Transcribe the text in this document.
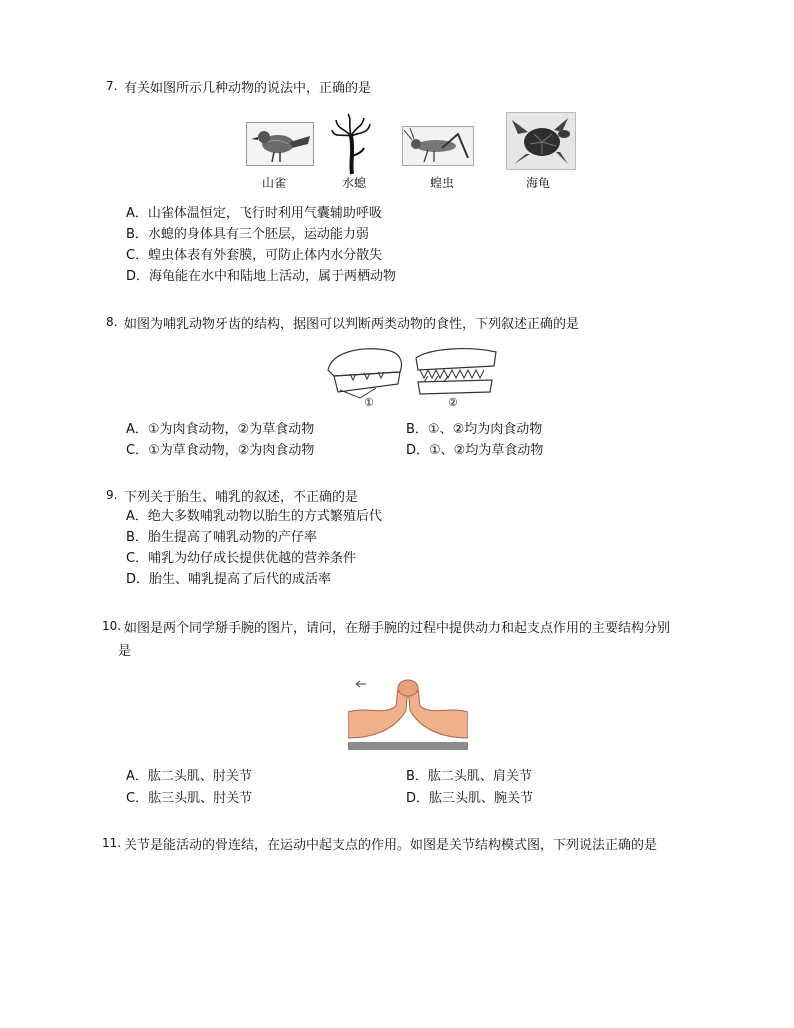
7. 有关如图所示几种动物的说法中，正确的是
山雀	水螅	蝗虫	海龟
A．山雀体温恒定，飞行时利用气囊辅助呼吸
B．水螅的身体具有三个胚层，运动能力弱
C．蝗虫体表有外套膜，可防止体内水分散失
D．海龟能在水中和陆地上活动，属于两栖动物
8. 如图为哺乳动物牙齿的结构，据图可以判断两类动物的食性，下列叙述正确的是
①	②
A．①为肉食动物，②为草食动物	B．①、②均为肉食动物
C．①为草食动物，②为肉食动物	D．①、②均为草食动物
9. 下列关于胎生、哺乳的叙述，不正确的是
A．绝大多数哺乳动物以胎生的方式繁殖后代
B．胎生提高了哺乳动物的产仔率
C．哺乳为幼仔成长提供优越的营养条件
D．胎生、哺乳提高了后代的成活率
10. 如图是两个同学掰手腕的图片，请问，在掰手腕的过程中提供动力和起支点作用的主要结构分别
是
A．肱二头肌、肘关节	B．肱二头肌、肩关节
C．肱三头肌、肘关节	D．肱三头肌、腕关节
11. 关节是能活动的骨连结，在运动中起支点的作用。如图是关节结构模式图，下列说法正确的是
